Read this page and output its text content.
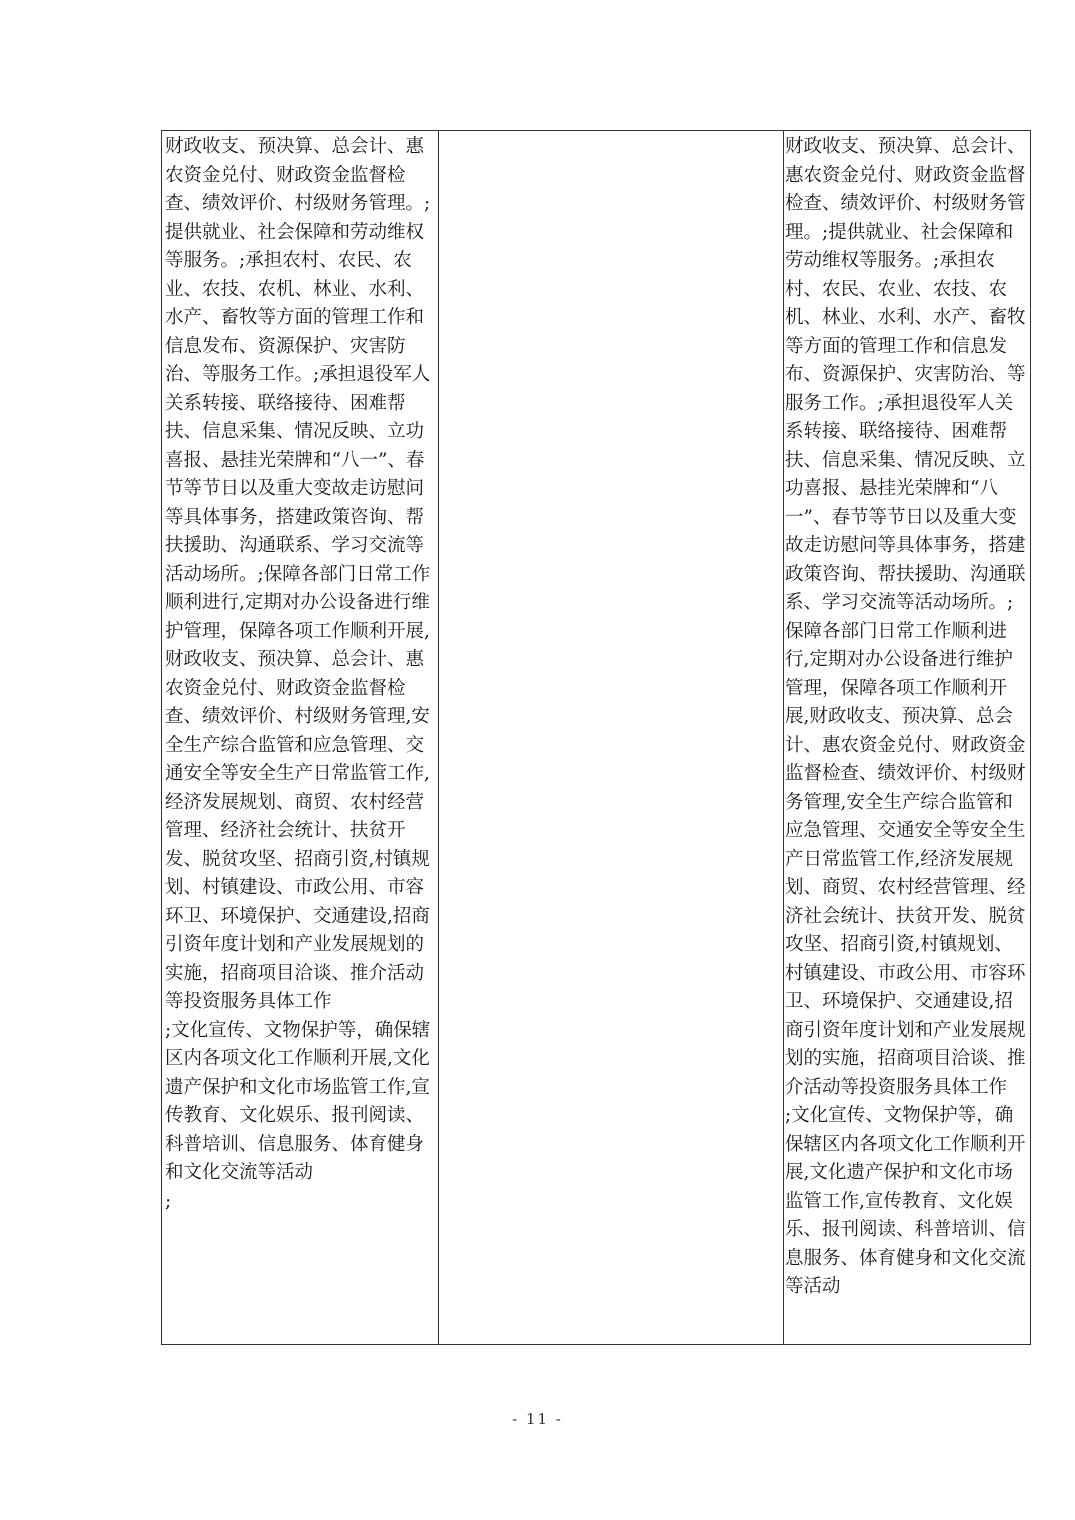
财政收支、预决算、总会计、惠农资金兑付、财政资金监督检查、绩效评价、村级财务管理。;提供就业、社会保障和劳动维权等服务。;承担农村、农民、农业、农技、农机、林业、水利、水产、畜牧等方面的管理工作和信息发布、资源保护、灾害防治、等服务工作。;承担退役军人关系转接、联络接待、困难帮扶、信息采集、情况反映、立功喜报、悬挂光荣牌和“八一”、春节等节日以及重大变故走访慰问等具体事务，搭建政策咨询、帮扶援助、沟通联系、学习交流等活动场所。;保障各部门日常工作顺利进行,定期对办公设备进行维护管理，保障各项工作顺利开展,财政收支、预决算、总会计、惠农资金兑付、财政资金监督检查、绩效评价、村级财务管理,安全生产综合监管和应急管理、交通安全等安全生产日常监管工作,经济发展规划、商贸、农村经营管理、经济社会统计、扶贫开发、脱贫攻坚、招商引资,村镇规划、村镇建设、市政公用、市容环卫、环境保护、交通建设,招商引资年度计划和产业发展规划的实施，招商项目洽谈、推介活动等投资服务具体工作
;文化宣传、文物保护等，确保辖区内各项文化工作顺利开展,文化遗产保护和文化市场监管工作,宣传教育、文化娱乐、报刊阅读、科普培训、信息服务、体育健身和文化交流等活动
;

财政收支、预决算、总会计、惠农资金兑付、财政资金监督检查、绩效评价、村级财务管理。;提供就业、社会保障和劳动维权等服务。;承担农村、农民、农业、农技、农机、林业、水利、水产、畜牧等方面的管理工作和信息发布、资源保护、灾害防治、等服务工作。;承担退役军人关系转接、联络接待、困难帮扶、信息采集、情况反映、立功喜报、悬挂光荣牌和“八一”、春节等节日以及重大变故走访慰问等具体事务，搭建政策咨询、帮扶援助、沟通联系、学习交流等活动场所。;保障各部门日常工作顺利进行,定期对办公设备进行维护管理，保障各项工作顺利开展,财政收支、预决算、总会计、惠农资金兑付、财政资金监督检查、绩效评价、村级财务管理,安全生产综合监管和应急管理、交通安全等安全生产日常监管工作,经济发展规划、商贸、农村经营管理、经济社会统计、扶贫开发、脱贫攻坚、招商引资,村镇规划、村镇建设、市政公用、市容环卫、环境保护、交通建设,招商引资年度计划和产业发展规划的实施，招商项目洽谈、推介活动等投资服务具体工作
;文化宣传、文物保护等，确保辖区内各项文化工作顺利开展,文化遗产保护和文化市场监管工作,宣传教育、文化娱乐、报刊阅读、科普培训、信息服务、体育健身和文化交流等活动

- 11 -
